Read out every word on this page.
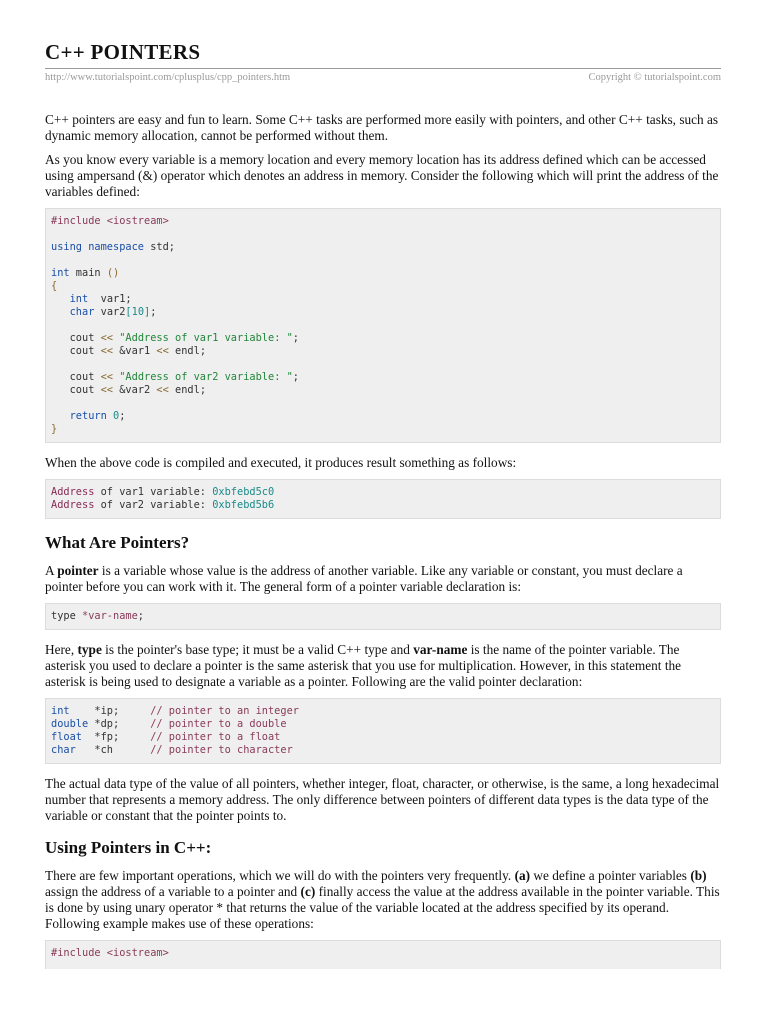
C++ POINTERS
http://www.tutorialspoint.com/cplusplus/cpp_pointers.htm	Copyright © tutorialspoint.com

C++ pointers are easy and fun to learn. Some C++ tasks are performed more easily with pointers, and other C++ tasks, such as dynamic memory allocation, cannot be performed without them.

As you know every variable is a memory location and every memory location has its address defined which can be accessed using ampersand (&) operator which denotes an address in memory. Consider the following which will print the address of the variables defined:

#include <iostream>

using namespace std;

int main ()
{
int  var1;
char var2[10];

cout << "Address of var1 variable: ";
cout << &var1 << endl;

cout << "Address of var2 variable: ";
cout << &var2 << endl;

return 0;
}

When the above code is compiled and executed, it produces result something as follows:

Address of var1 variable: 0xbfebd5c0
Address of var2 variable: 0xbfebd5b6
What Are Pointers?

A pointer is a variable whose value is the address of another variable. Like any variable or constant, you must declare a pointer before you can work with it. The general form of a pointer variable declaration is:

type *var-name;

Here, type is the pointer's base type; it must be a valid C++ type and var-name is the name of the pointer variable. The asterisk you used to declare a pointer is the same asterisk that you use for multiplication. However, in this statement the asterisk is being used to designate a variable as a pointer. Following are the valid pointer declaration:

int    *ip;     // pointer to an integer
double *dp;     // pointer to a double
float  *fp;     // pointer to a float
char   *ch      // pointer to character

The actual data type of the value of all pointers, whether integer, float, character, or otherwise, is the same, a long hexadecimal number that represents a memory address. The only difference between pointers of different data types is the data type of the variable or constant that the pointer points to.

Using Pointers in C++:

There are few important operations, which we will do with the pointers very frequently. (a) we define a pointer variables (b) assign the address of a variable to a pointer and (c) finally access the value at the address available in the pointer variable. This is done by using unary operator * that returns the value of the variable located at the address specified by its operand. Following example makes use of these operations:

#include <iostream>
